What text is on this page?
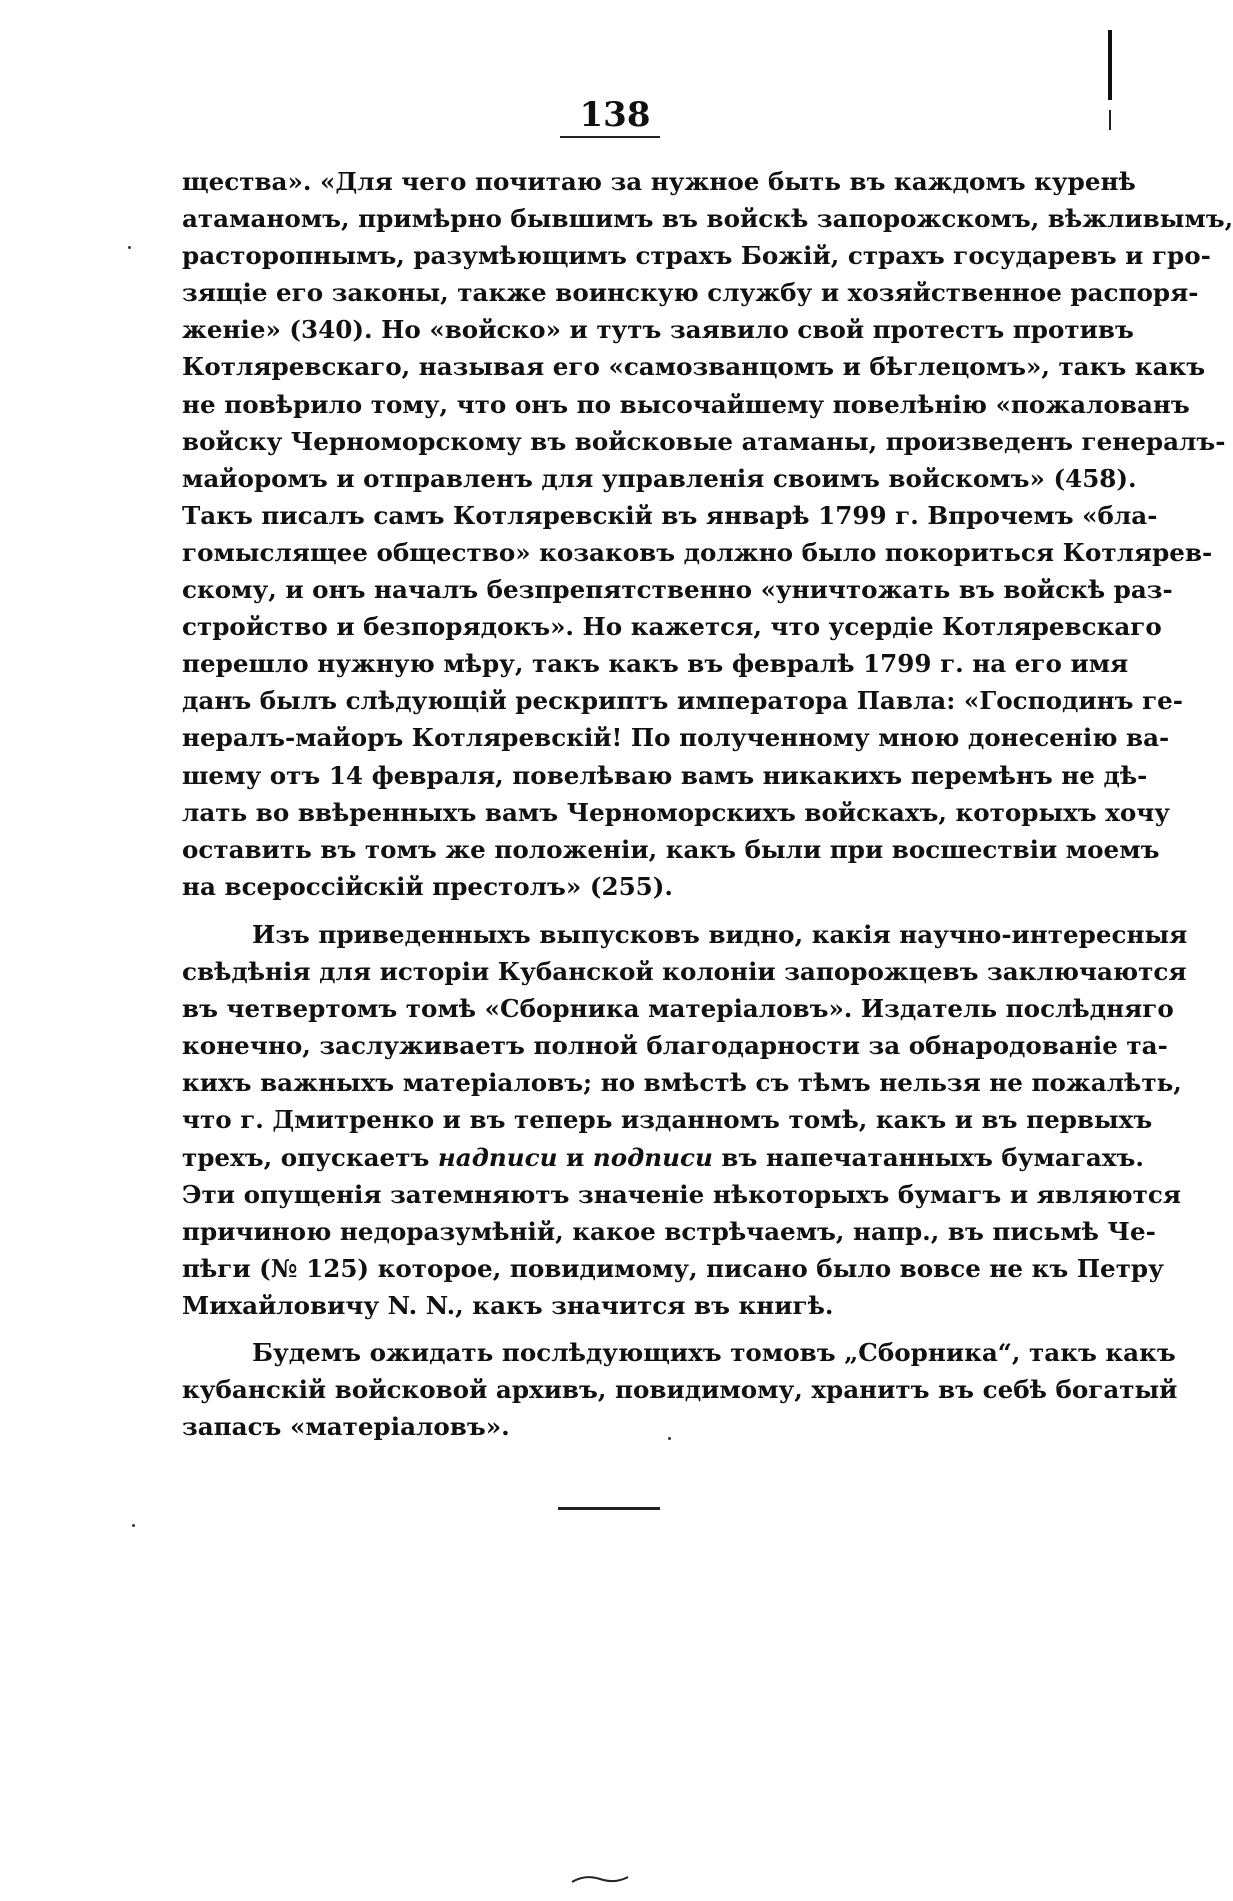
138
щества». «Для чего почитаю за нужное быть въ каждомъ куренѣ
атаманомъ, примѣрно бывшимъ въ войскѣ запорожскомъ, вѣжливымъ,
расторопнымъ, разумѣющимъ страхъ Божій, страхъ государевъ и гро-
зящіе его законы, также воинскую службу и хозяйственное распоря-
женіе» (340). Но «войско» и тутъ заявило свой протестъ противъ
Котляревскаго, называя его «самозванцомъ и бѣглецомъ», такъ какъ
не повѣрило тому, что онъ по высочайшему повелѣнію «пожалованъ
войску Черноморскому въ войсковые атаманы, произведенъ генералъ-
майоромъ и отправленъ для управленія своимъ войскомъ» (458).
Такъ писалъ самъ Котляревскій въ январѣ 1799 г. Впрочемъ «бла-
гомыслящее общество» козаковъ должно было покориться Котлярев-
скому, и онъ началъ безпрепятственно «уничтожать въ войскѣ раз-
стройство и безпорядокъ». Но кажется, что усердіе Котляревскаго
перешло нужную мѣру, такъ какъ въ февралѣ 1799 г. на его имя
данъ былъ слѣдующій рескриптъ императора Павла: «Господинъ ге-
нералъ-майоръ Котляревскій! По полученному мною донесенію ва-
шему отъ 14 февраля, повелѣваю вамъ никакихъ перемѣнъ не дѣ-
лать во ввѣренныхъ вамъ Черноморскихъ войскахъ, которыхъ хочу
оставить въ томъ же положеніи, какъ были при восшествіи моемъ
на всероссійскій престолъ» (255).
Изъ приведенныхъ выпусковъ видно, какія научно-интересныя
свѣдѣнія для исторіи Кубанской колоніи запорожцевъ заключаются
въ четвертомъ томѣ «Сборника матеріаловъ». Издатель послѣдняго
конечно, заслуживаетъ полной благодарности за обнародованіе та-
кихъ важныхъ матеріаловъ; но вмѣстѣ съ тѣмъ нельзя не пожалѣть,
что г. Дмитренко и въ теперь изданномъ томѣ, какъ и въ первыхъ
трехъ, опускаетъ надписи и подписи въ напечатанныхъ бумагахъ.
Эти опущенія затемняютъ значеніе нѣкоторыхъ бумагъ и являются
причиною недоразумѣній, какое встрѣчаемъ, напр., въ письмѣ Че-
пѣги (№ 125) которое, повидимому, писано было вовсе не къ Петру
Михайловичу N. N., какъ значится въ книгѣ.
Будемъ ожидать послѣдующихъ томовъ „Сборника“, такъ какъ
кубанскій войсковой архивъ, повидимому, хранитъ въ себѣ богатый
запасъ «матеріаловъ».
